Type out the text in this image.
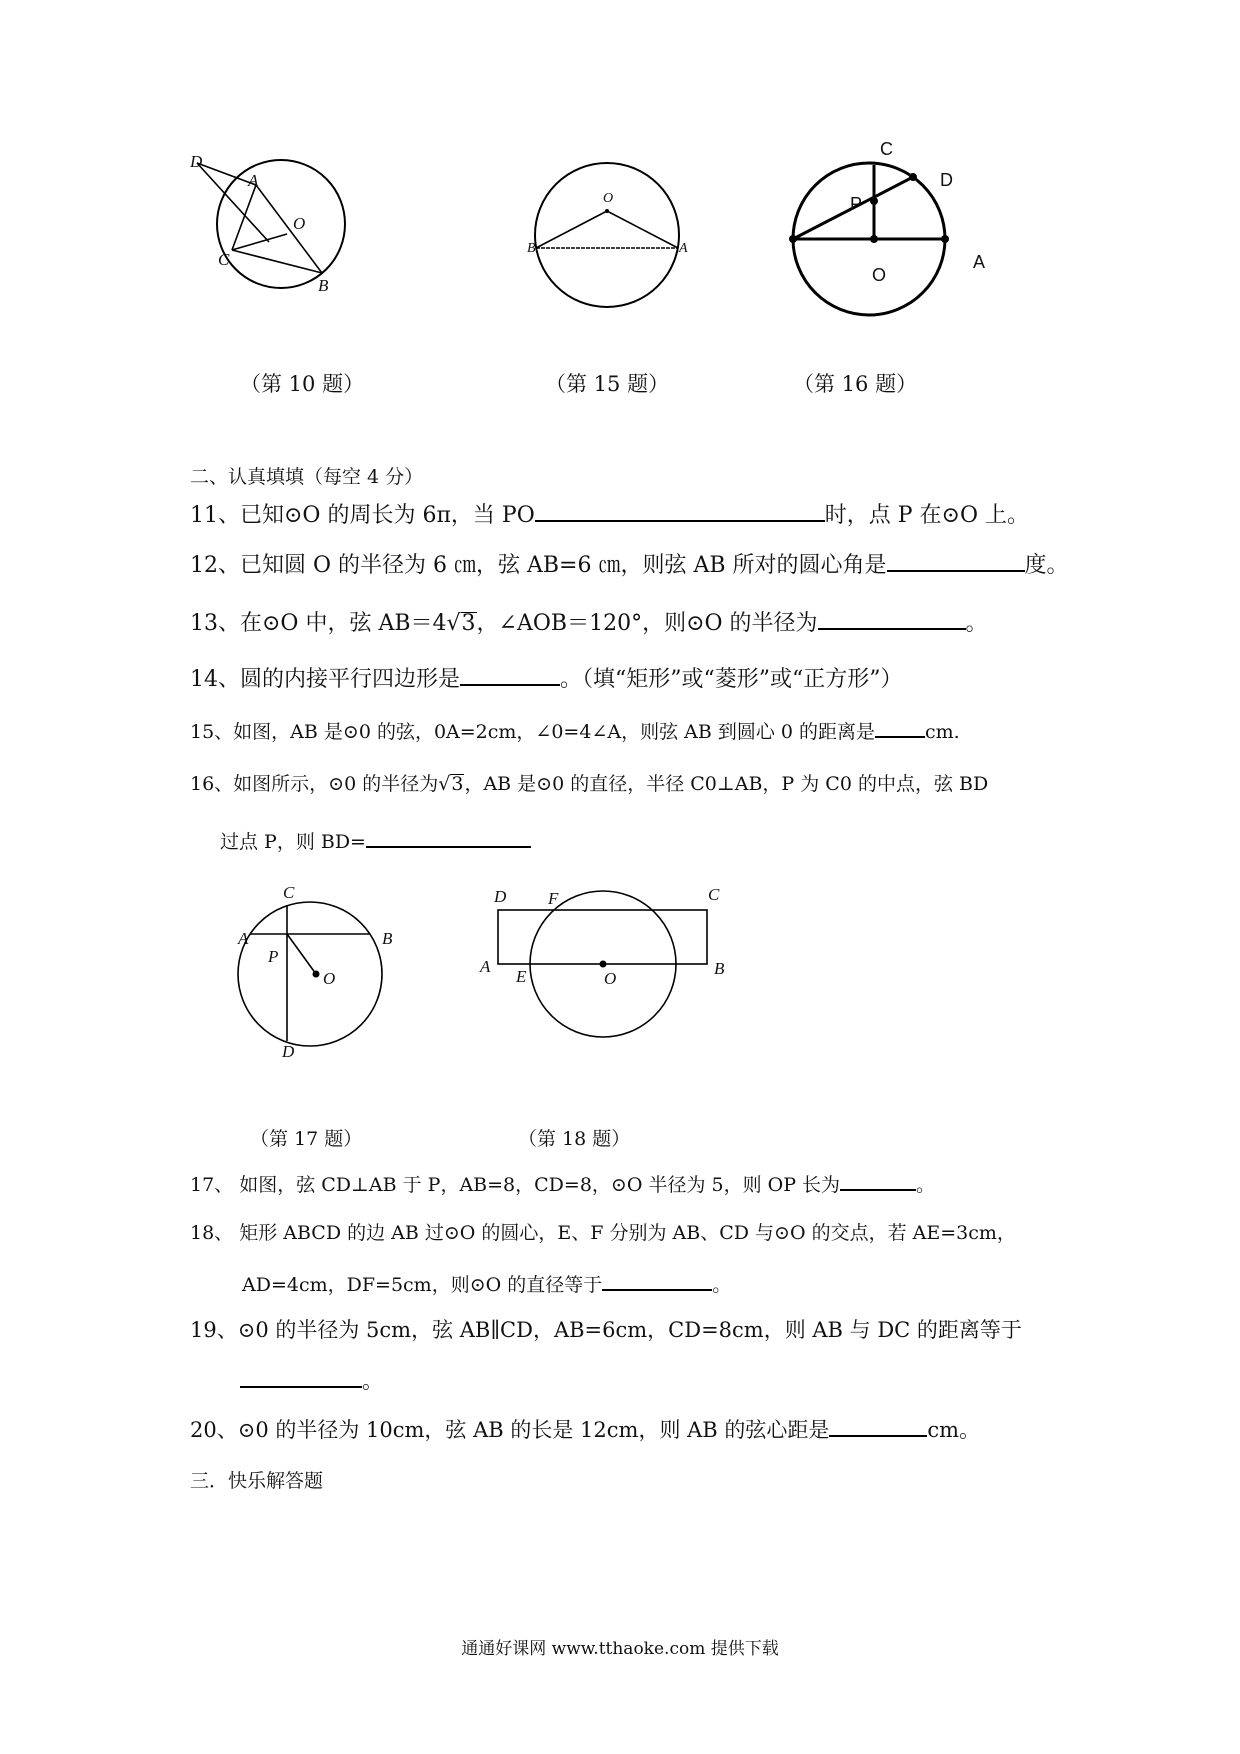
D
A
O
C
B
O
B	A
C
D
P
O
A
（第 10 题）	（第 15 题）	（第 16 题）
二、认真填填（每空 4 分）
11、已知⊙O 的周长为 6π，当 PO	时，点 P 在⊙O 上。
12、已知圆 O 的半径为 6 ㎝，弦 AB=6 ㎝，则弦 AB 所对的圆心角是	度。
13、在⊙O 中，弦 AB＝4√3，∠AOB＝120°，则⊙O 的半径为	。
14、圆的内接平行四边形是	。（填“矩形”或“菱形”或“正方形”）
15、如图，AB 是⊙0 的弦，0A=2cm，∠0=4∠A，则弦 AB 到圆心 0 的距离是	cm.
16、如图所示，⊙0 的半径为√3，AB 是⊙0 的直径，半径 C0⊥AB，P 为 C0 的中点，弦 BD
过点 P，则 BD=
C
A	B
P
O
D
D F	C
A
E	O
B
（第 17 题）	（第 18 题）
17、 如图，弦 CD⊥AB 于 P，AB=8，CD=8，⊙O 半径为 5，则 OP 长为	。
18、 矩形 ABCD 的边 AB 过⊙O 的圆心，E、F 分别为 AB、CD 与⊙O 的交点，若 AE=3cm，
AD=4cm，DF=5cm，则⊙O 的直径等于	。
19、⊙0 的半径为 5cm，弦 AB∥CD，AB=6cm，CD=8cm，则 AB 与 DC 的距离等于
。
20、⊙0 的半径为 10cm，弦 AB 的长是 12cm，则 AB 的弦心距是	cm。
三．快乐解答题
通通好课网 www.tthaoke.com 提供下载
